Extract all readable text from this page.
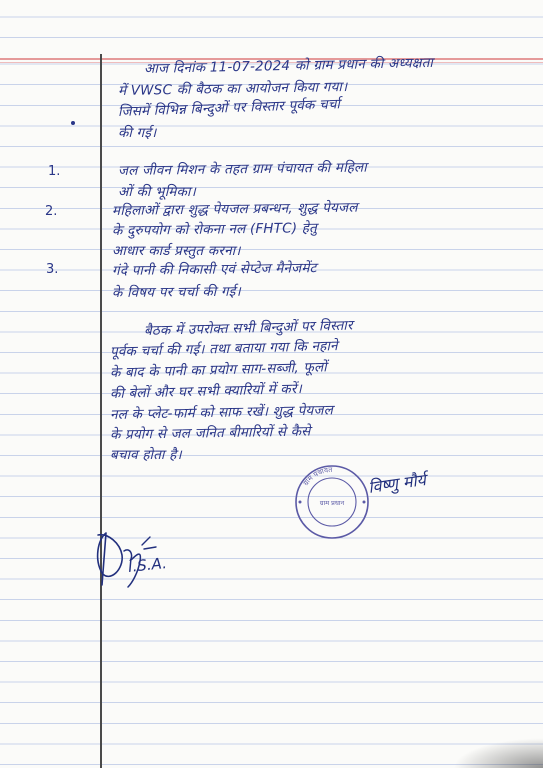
आज दिनांक 11-07-2024 को ग्राम प्रधान की अध्यक्षता
में VWSC की बैठक का आयोजन किया गया।
जिसमें विभिन्न बिन्दुओं पर विस्तार पूर्वक चर्चा
की गई।
1.	जल जीवन मिशन के तहत ग्राम पंचायत की महिला
ओं की भूमिका।
2.	महिलाओं द्वारा शुद्ध पेयजल प्रबन्धन, शुद्ध पेयजल
के दुरुपयोग को रोकना नल (FHTC) हेतु
आधार कार्ड प्रस्तुत करना।
3.	गंदे पानी की निकासी एवं सेप्टेज मैनेजमेंट
के विषय पर चर्चा की गई।
बैठक में उपरोक्त सभी बिन्दुओं पर विस्तार
पूर्वक चर्चा की गई। तथा बताया गया कि नहाने
के बाद के पानी का प्रयोग साग-सब्जी, फूलों
की बेलों और घर सभी क्यारियों में करें।
नल के प्लेट-फार्म को साफ रखें। शुद्ध पेयजल
के प्रयोग से जल जनित बीमारियों से कैसे
बचाव होता है।
ग्राम पंचायत
ग्राम प्रधान
विष्णु मौर्य
I.S.A.
